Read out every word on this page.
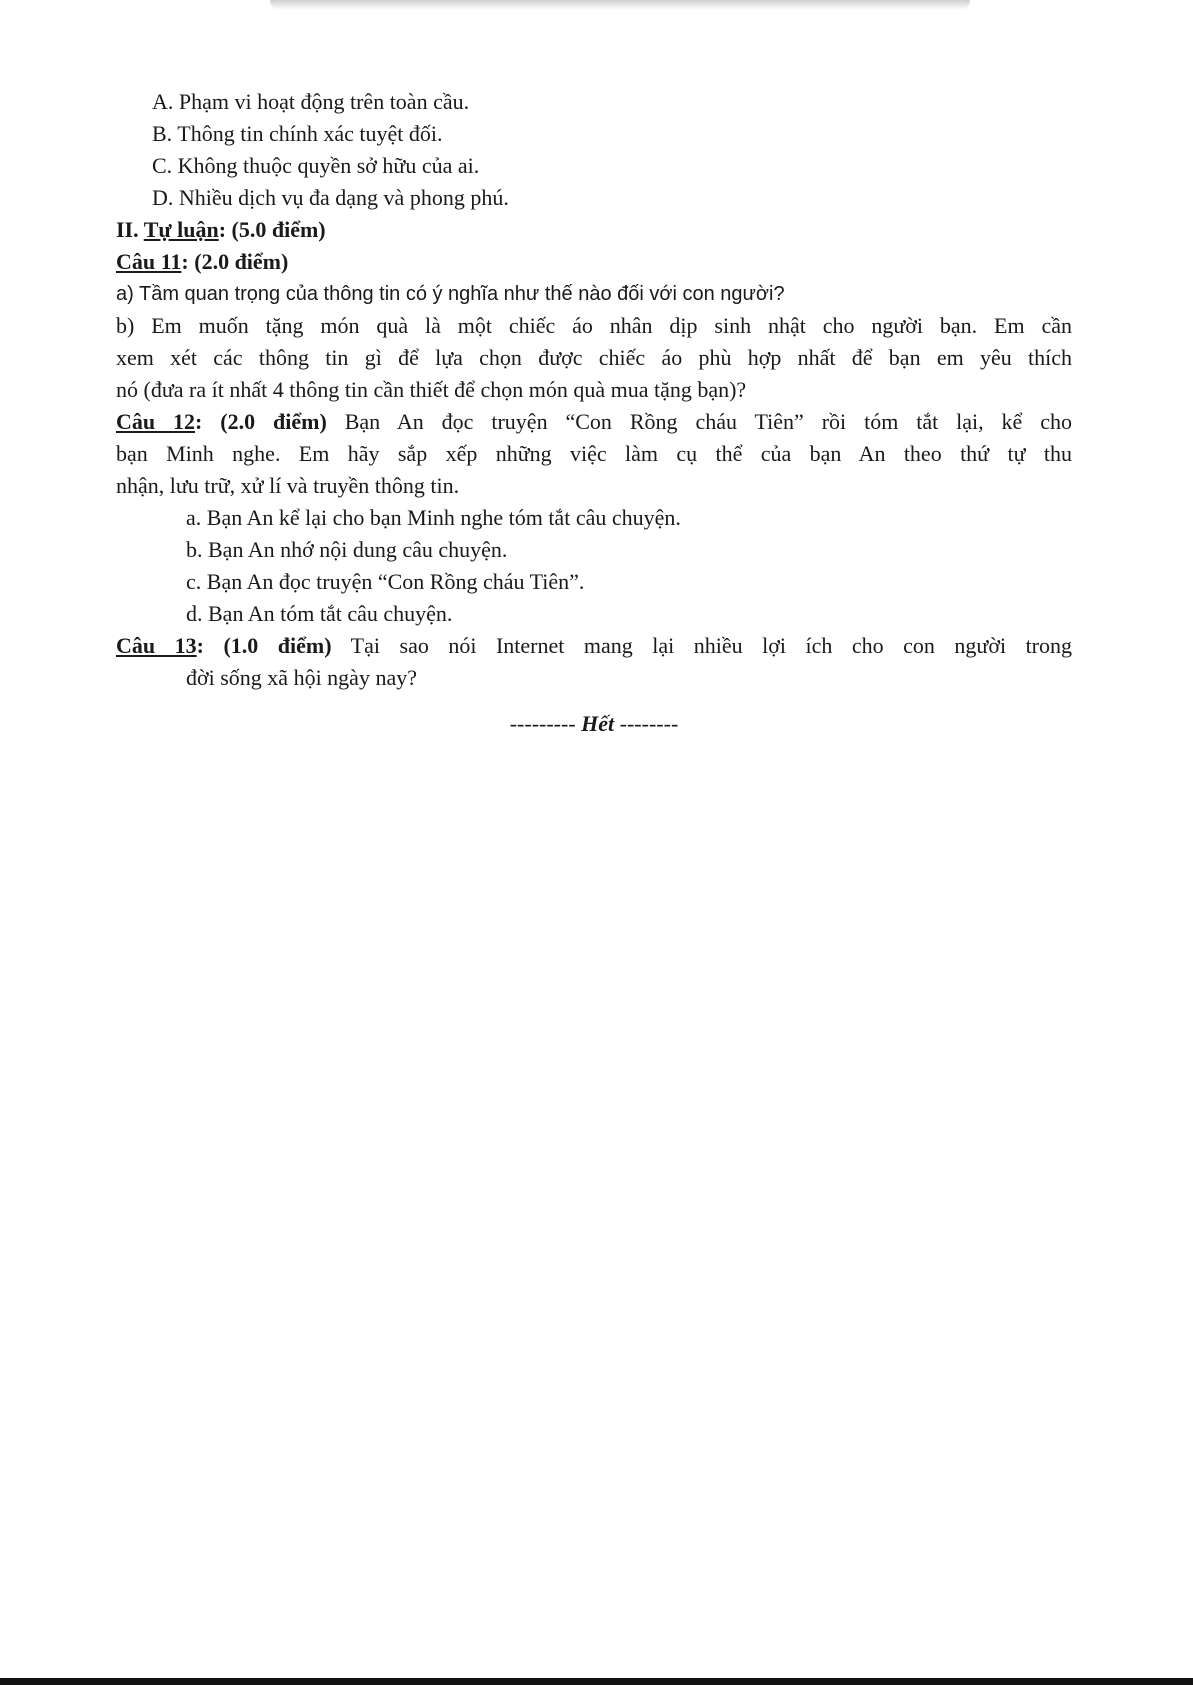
A. Phạm vi hoạt động trên toàn cầu.
B. Thông tin chính xác tuyệt đối.
C. Không thuộc quyền sở hữu của ai.
D. Nhiều dịch vụ đa dạng và phong phú.
II. Tự luận: (5.0 điểm)
Câu 11: (2.0 điểm)
a) Tầm quan trọng của thông tin có ý nghĩa như thế nào đối với con người?
b) Em muốn tặng món quà là một chiếc áo nhân dịp sinh nhật cho người bạn. Em cần
xem xét các thông tin gì để lựa chọn được chiếc áo phù hợp nhất để bạn em yêu thích
nó (đưa ra ít nhất 4 thông tin cần thiết để chọn món quà mua tặng bạn)?
Câu 12: (2.0 điểm) Bạn An đọc truyện “Con Rồng cháu Tiên” rồi tóm tắt lại, kể cho
bạn Minh nghe. Em hãy sắp xếp những việc làm cụ thể của bạn An theo thứ tự thu
nhận, lưu trữ, xử lí và truyền thông tin.
a. Bạn An kể lại cho bạn Minh nghe tóm tắt câu chuyện.
b. Bạn An nhớ nội dung câu chuyện.
c. Bạn An đọc truyện “Con Rồng cháu Tiên”.
d. Bạn An tóm tắt câu chuyện.
Câu 13: (1.0 điểm) Tại sao nói Internet mang lại nhiều lợi ích cho con người trong
đời sống xã hội ngày nay?
--------- Hết --------
